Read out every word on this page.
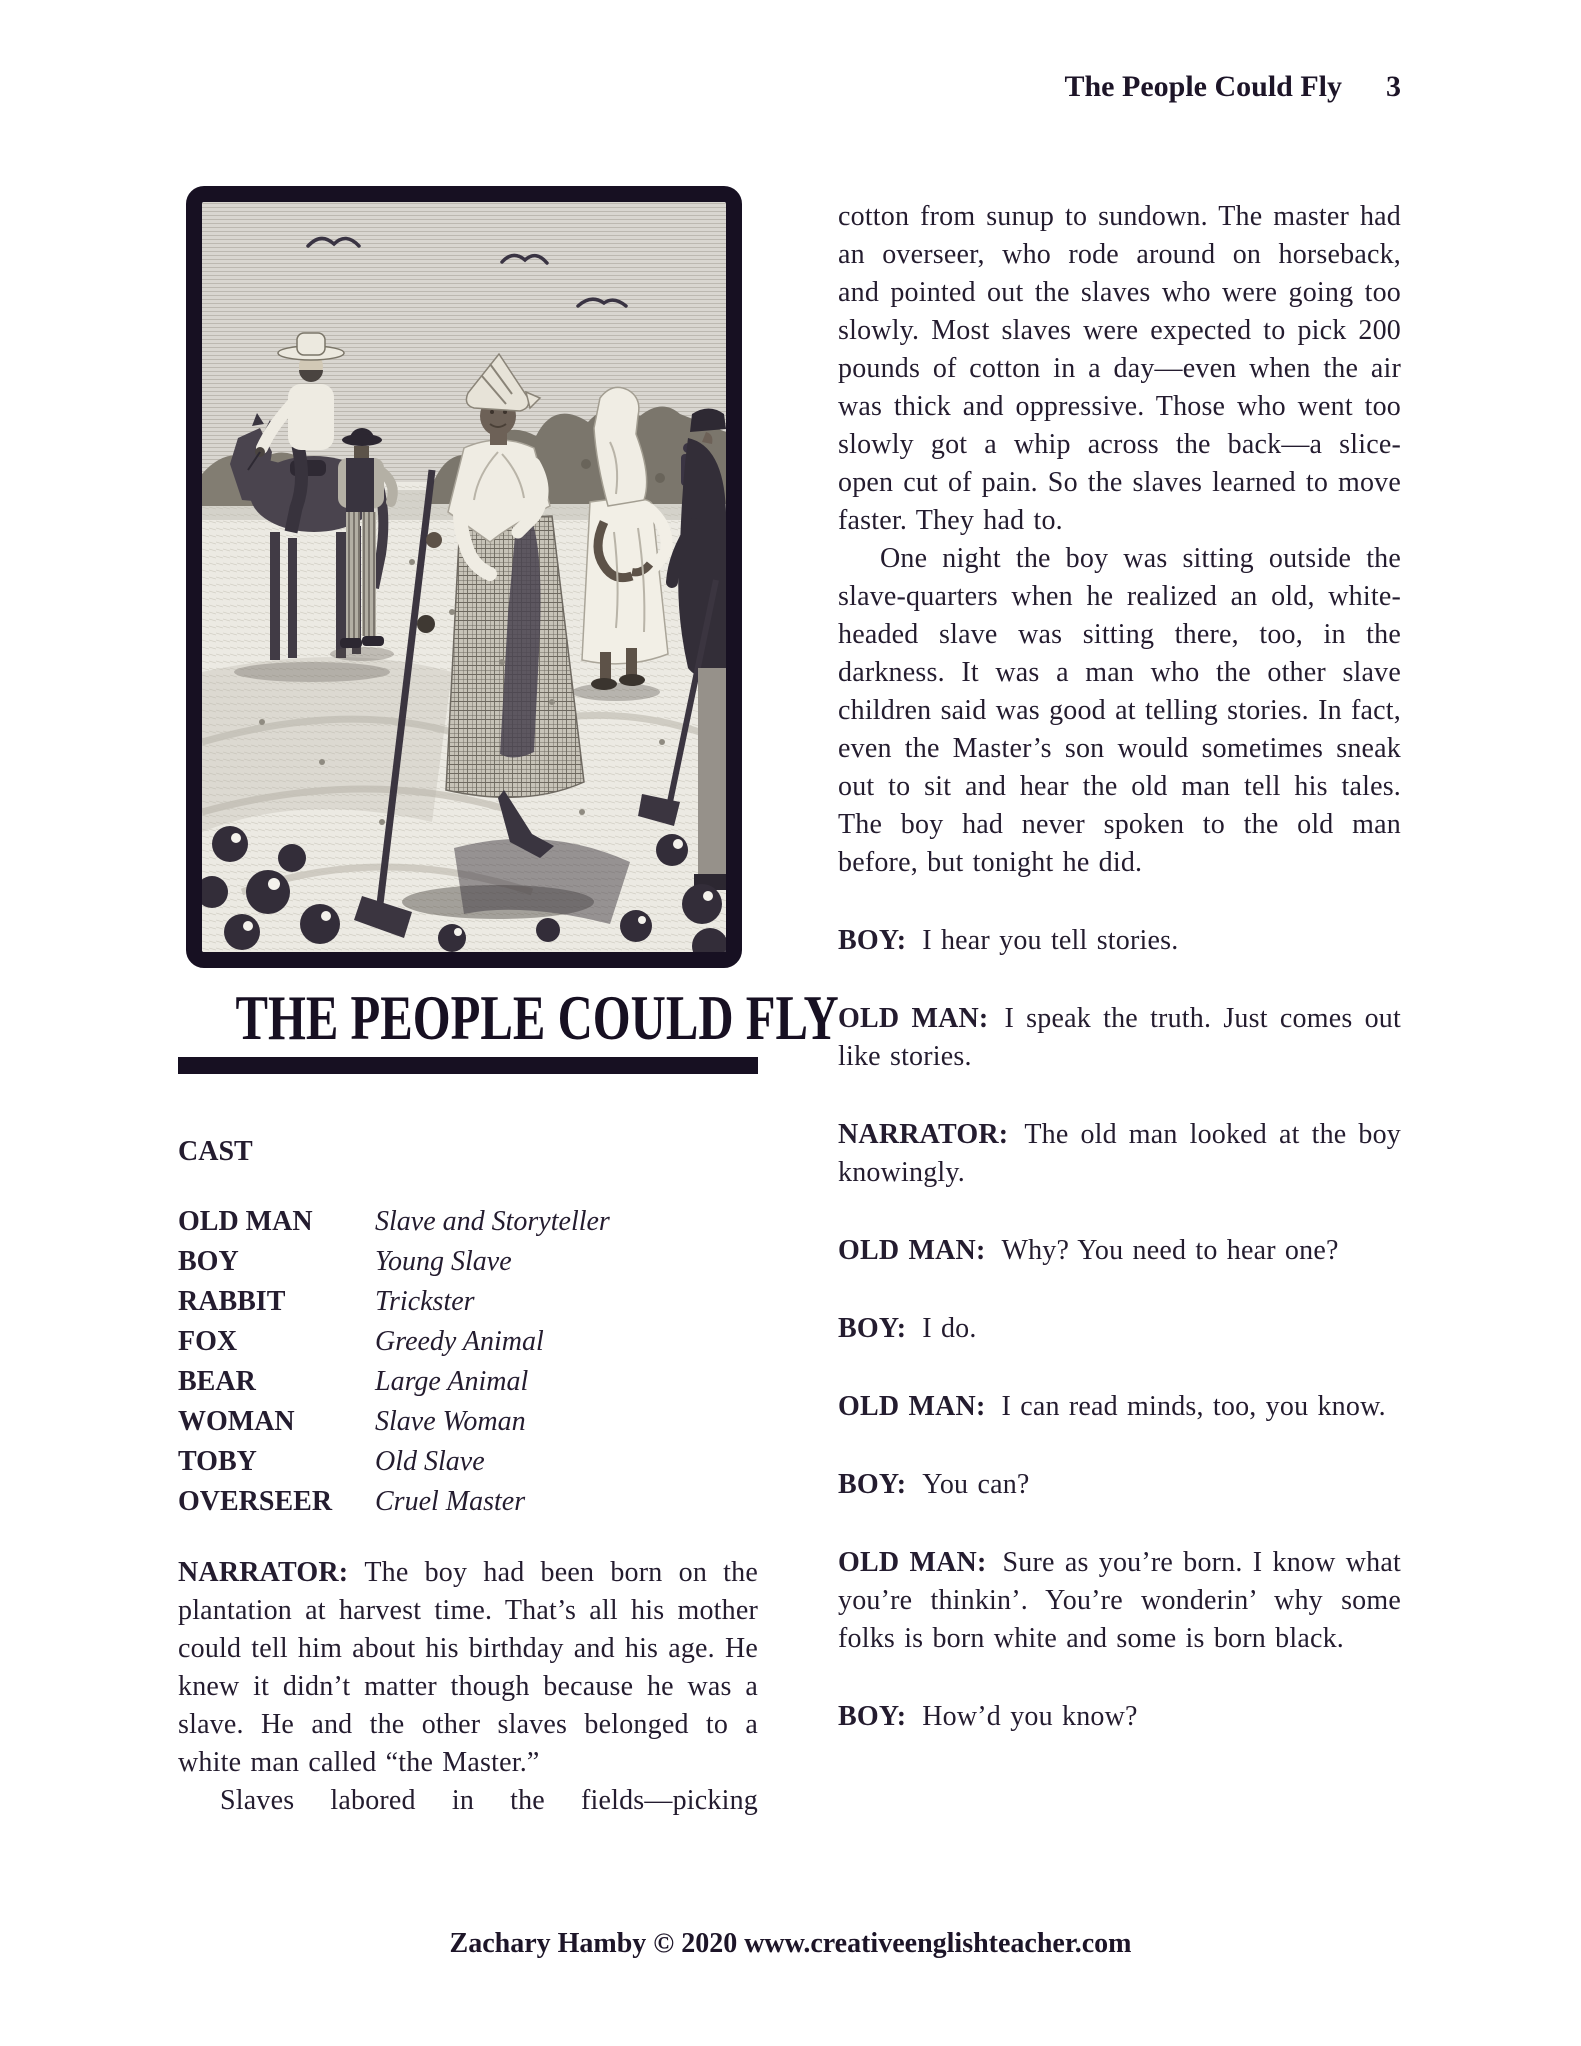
The People Could Fly 3
THE PEOPLE COULD FLY
CAST
OLD MAN	Slave and Storyteller
BOY	Young Slave
RABBIT	Trickster
FOX	Greedy Animal
BEAR	Large Animal
WOMAN	Slave Woman
TOBY	Old Slave
OVERSEER	Cruel Master

NARRATOR: The boy had been born on the plantation at harvest time. That’s all his mother could tell him about his birthday and his age. He knew it didn’t matter though because he was a slave. He and the other slaves belonged to a white man called “the Master.”

Slaves labored in the fields—picking

cotton from sunup to sundown. The master had an overseer, who rode around on horseback, and pointed out the slaves who were going too slowly. Most slaves were expected to pick 200 pounds of cotton in a day—even when the air was thick and oppressive. Those who went too slowly got a whip across the back—a slice-open cut of pain. So the slaves learned to move faster. They had to.

One night the boy was sitting outside the slave-quarters when he realized an old, white-headed slave was sitting there, too, in the darkness. It was a man who the other slave children said was good at telling stories. In fact, even the Master’s son would sometimes sneak out to sit and hear the old man tell his tales. The boy had never spoken to the old man before, but tonight he did.

BOY: I hear you tell stories.

OLD MAN: I speak the truth. Just comes out like stories.

NARRATOR: The old man looked at the boy knowingly.

OLD MAN: Why? You need to hear one?

BOY: I do.

OLD MAN: I can read minds, too, you know.

BOY: You can?

OLD MAN: Sure as you’re born. I know what you’re thinkin’. You’re wonderin’ why some folks is born white and some is born black.

BOY: How’d you know?

Zachary Hamby © 2020 www.creativeenglishteacher.com
